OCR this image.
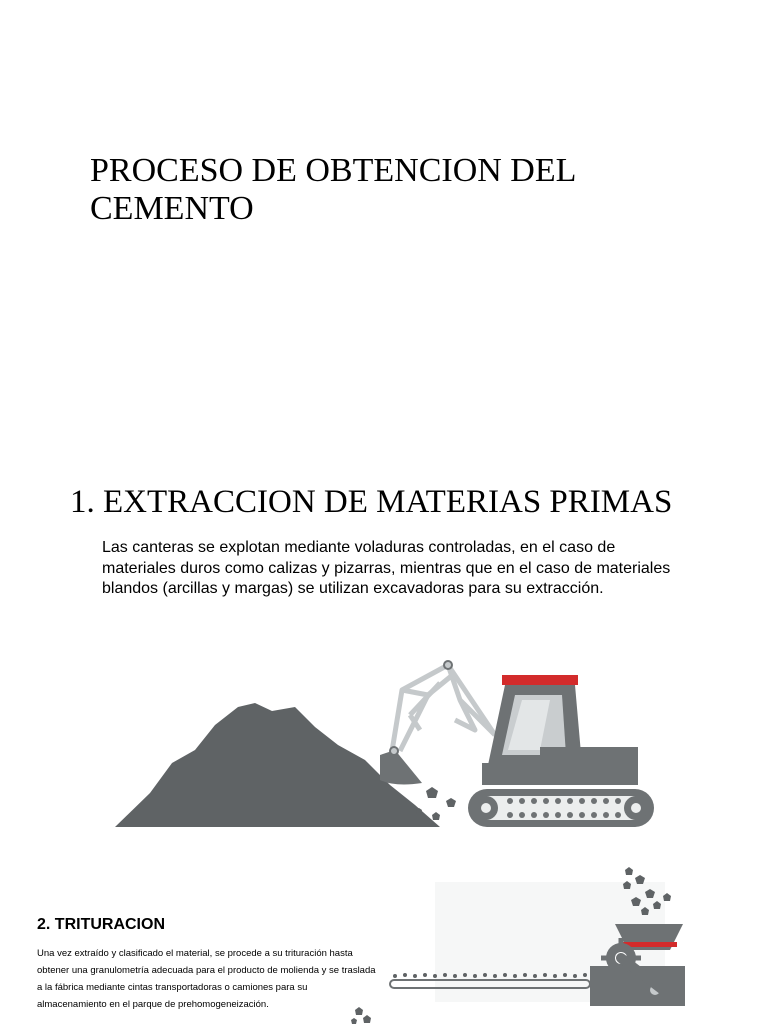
PROCESO DE OBTENCION DEL CEMENTO
1. EXTRACCION DE MATERIAS PRIMAS

Las canteras se explotan mediante voladuras controladas, en el caso de materiales duros como calizas y pizarras, mientras que en el caso de materiales blandos (arcillas y margas) se utilizan excavadoras para su extracción.

2. TRITURACION

Una vez extraído y clasificado el material, se procede a su trituración hasta obtener una granulometría adecuada para el producto de molienda y se traslada a la fábrica mediante cintas transportadoras o camiones para su almacenamiento en el parque de prehomogeneización.
